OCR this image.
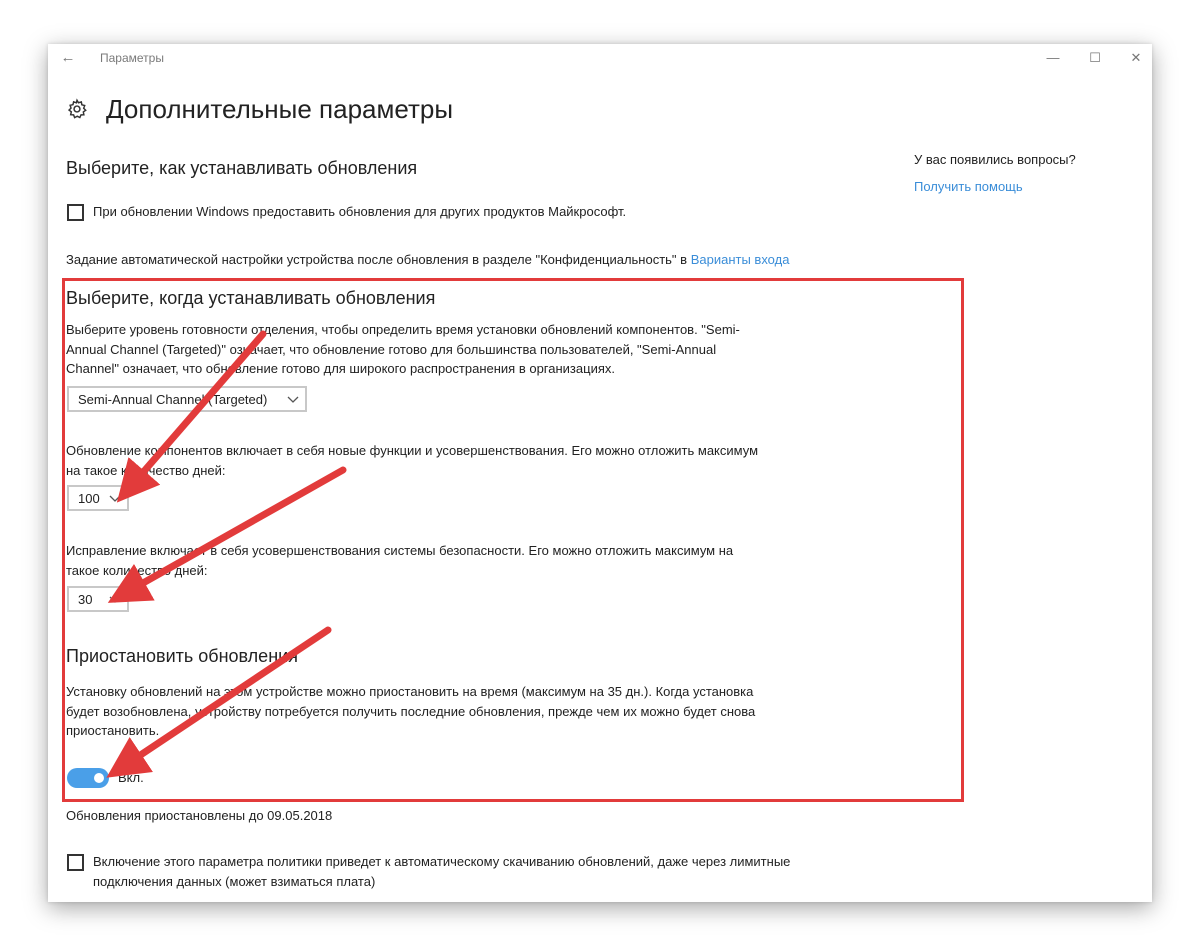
← Параметры	—	☐	✕
Дополнительные параметры
Выберите, как устанавливать обновления
При обновлении Windows предоставить обновления для других продуктов Майкрософт.
Задание автоматической настройки устройства после обновления в разделе "Конфиденциальность" в Варианты входа
Выберите, когда устанавливать обновления
Выберите уровень готовности отделения, чтобы определить время установки обновлений компонентов. "Semi-
Annual Channel (Targeted)" означает, что обновление готово для большинства пользователей, "Semi-Annual
Channel" означает, что обновление готово для широкого распространения в организациях.
Semi-Annual Channel (Targeted)
Обновление компонентов включает в себя новые функции и усовершенствования. Его можно отложить максимум
на такое количество дней:
100
Исправление включает в себя усовершенствования системы безопасности. Его можно отложить максимум на
такое количество дней:
30
Приостановить обновления
Установку обновлений на этом устройстве можно приостановить на время (максимум на 35 дн.). Когда установка
будет возобновлена, устройству потребуется получить последние обновления, прежде чем их можно будет снова
приостановить.
Вкл.
Обновления приостановлены до 09.05.2018
Включение этого параметра политики приведет к автоматическому скачиванию обновлений, даже через лимитные
подключения данных (может взиматься плата)
У вас появились вопросы?
Получить помощь
